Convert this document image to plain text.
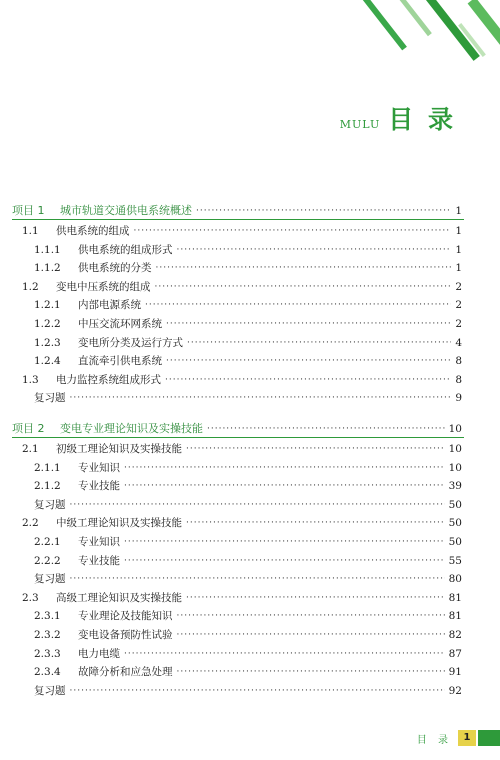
MULU 目 录
项目 1 城市轨道交通供电系统概述 ·····	1
1.1 供电系统的组成 ·····	1
1.1.1 供电系统的组成形式 ·····	1
1.1.2 供电系统的分类 ·····	1
1.2 变电中压系统的组成 ·····	2
1.2.1 内部电源系统 ·····	2
1.2.2 中压交流环网系统 ·····	2
1.2.3 变电所分类及运行方式 ·····	4
1.2.4 直流牵引供电系统 ·····	8
1.3 电力监控系统组成形式 ·····	8
复习题 ·····	9
项目 2 变电专业理论知识及实操技能 ·····	10
2.1 初级工理论知识及实操技能 ·····	10
2.1.1 专业知识 ·····	10
2.1.2 专业技能 ·····	39
复习题 ·····	50
2.2 中级工理论知识及实操技能 ·····	50
2.2.1 专业知识 ·····	50
2.2.2 专业技能 ·····	55
复习题 ·····	80
2.3 高级工理论知识及实操技能 ·····	81
2.3.1 专业理论及技能知识 ·····	81
2.3.2 变电设备预防性试验 ·····	82
2.3.3 电力电缆 ·····	87
2.3.4 故障分析和应急处理 ·····	91
复习题 ·····	92
目 录	1
